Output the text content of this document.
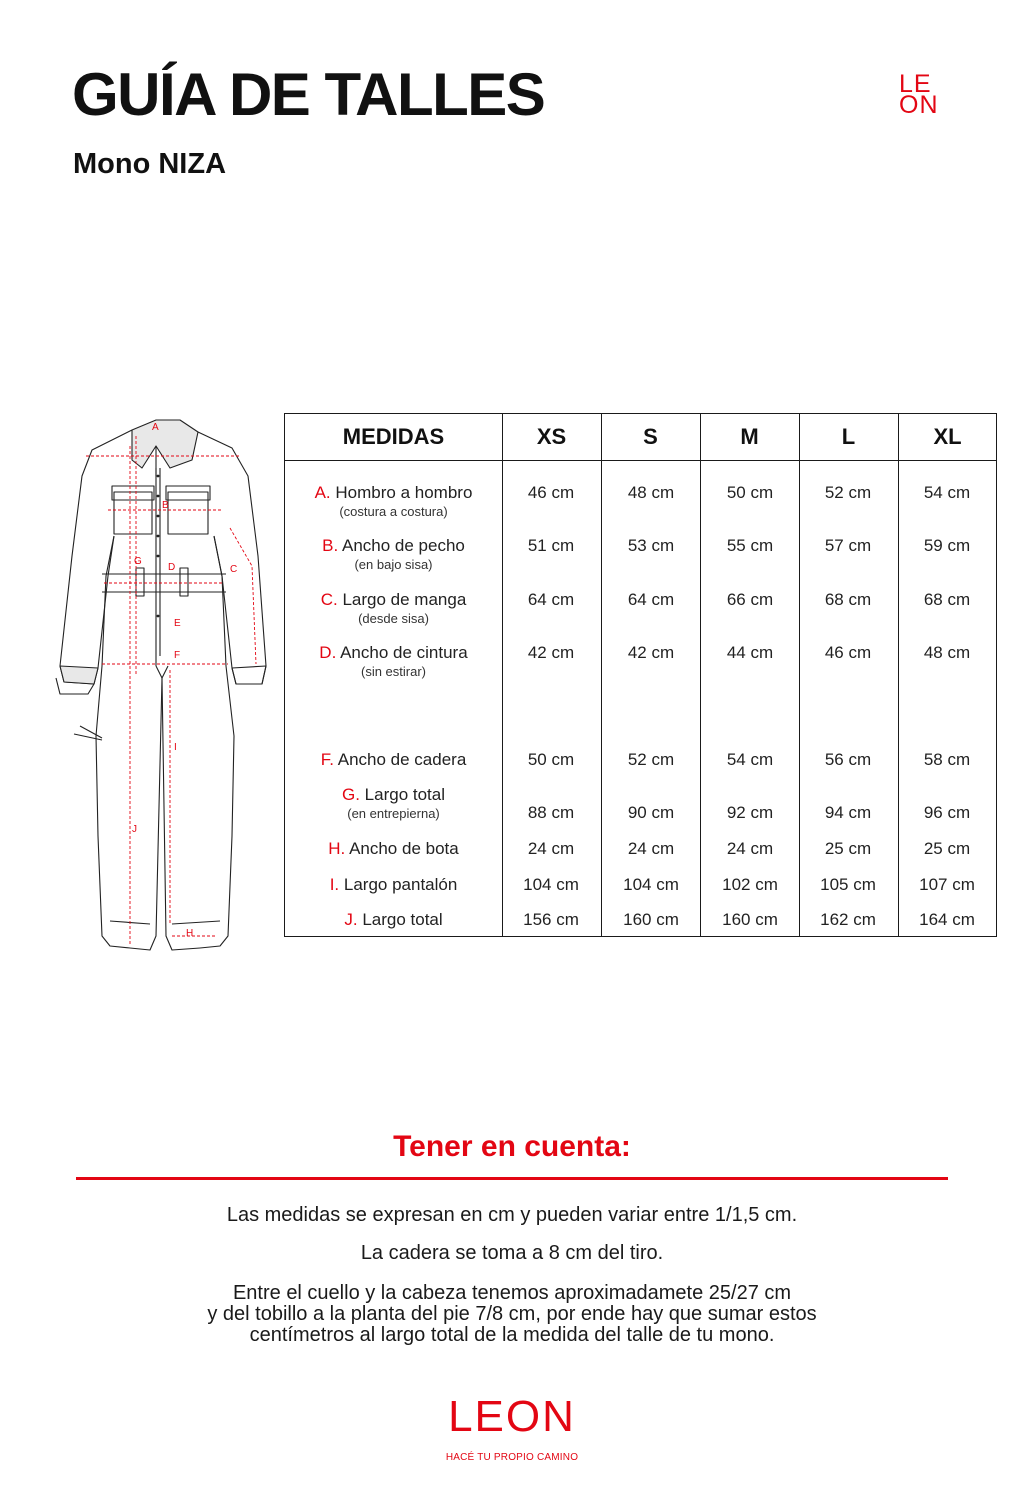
GUÍA DE TALLES
Mono NIZA
LE
ON
A
B
C
D
E
F
G
H
I
J
MEDIDAS	XS	S	M	L	XL
A. Hombro a hombro
(costura a costura)
46 cm	48 cm	50 cm	52 cm	54 cm
B. Ancho de pecho
(en bajo sisa)
51 cm	53 cm	55 cm	57 cm	59 cm
C. Largo de manga
(desde sisa)
64 cm	64 cm	66 cm	68 cm	68 cm
D. Ancho de cintura
(sin estirar)
42 cm	42 cm	44 cm	46 cm	48 cm
F. Ancho de cadera	50 cm	52 cm	54 cm	56 cm	58 cm
G. Largo total
(en entrepierna)	88 cm	90 cm	92 cm	94 cm	96 cm
H. Ancho de bota	24 cm	24 cm	24 cm	25 cm	25 cm
I. Largo pantalón	104 cm	104 cm	102 cm	105 cm	107 cm
J. Largo total	156 cm	160 cm	160 cm	162 cm	164 cm
Tener en cuenta:
Las medidas se expresan en cm y pueden variar entre 1/1,5 cm.
La cadera se toma a 8 cm del tiro.
Entre el cuello y la cabeza tenemos aproximadamete 25/27 cm
y del tobillo a la planta del pie 7/8 cm, por ende hay que sumar estos
centímetros al largo total de la medida del talle de tu mono.
LEON
HACÉ TU PROPIO CAMINO
